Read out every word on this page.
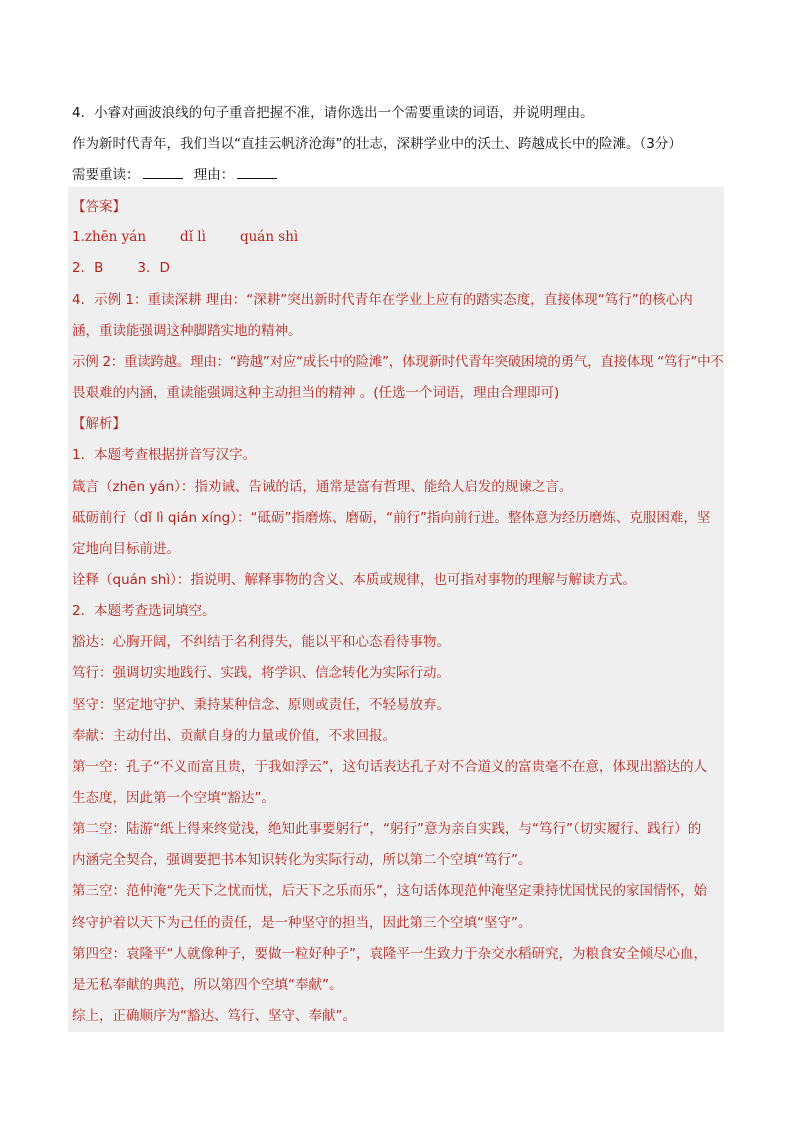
4．小睿对画波浪线的句子重音把握不准，请你选出一个需要重读的词语，并说明理由。
作为新时代青年，我们当以“直挂云帆济沧海”的壮志，深耕学业中的沃土、跨越成长中的险滩。（3分）
需要重读：	理由：
【答案】
1.zhēn yán	dǐ lì	quán shì
2．B	3．D
4．示例 1：重读深耕 理由：“深耕”突出新时代青年在学业上应有的踏实态度，直接体现“笃行”的核心内
涵，重读能强调这种脚踏实地的精神。
示例 2：重读跨越。理由：“跨越”对应“成长中的险滩”，体现新时代青年突破困境的勇气，直接体现 “笃行”中不
畏艰难的内涵，重读能强调这种主动担当的精神 。(任选一个词语，理由合理即可)
【解析】
1．本题考查根据拼音写汉字。
箴言（zhēn yán）：指劝诫、告诫的话，通常是富有哲理、能给人启发的规谏之言。
砥砺前行（dǐ lì qián xíng）：“砥砺”指磨炼、磨砺，“前行”指向前行进。整体意为经历磨炼、克服困难，坚
定地向目标前进。
诠释（quán shì）：指说明、解释事物的含义、本质或规律，也可指对事物的理解与解读方式。
2．本题考查选词填空。
豁达：心胸开阔，不纠结于名利得失，能以平和心态看待事物。
笃行：强调切实地践行、实践，将学识、信念转化为实际行动。
坚守：坚定地守护、秉持某种信念、原则或责任，不轻易放弃。
奉献：主动付出、贡献自身的力量或价值，不求回报。
第一空：孔子“不义而富且贵，于我如浮云”，这句话表达孔子对不合道义的富贵毫不在意，体现出豁达的人
生态度，因此第一个空填“豁达”。
第二空：陆游“纸上得来终觉浅，绝知此事要躬行”，“躬行”意为亲自实践，与“笃行”（切实履行、践行）的
内涵完全契合，强调要把书本知识转化为实际行动，所以第二个空填“笃行”。
第三空：范仲淹“先天下之忧而忧，后天下之乐而乐”，这句话体现范仲淹坚定秉持忧国忧民的家国情怀，始
终守护着以天下为己任的责任，是一种坚守的担当，因此第三个空填“坚守”。
第四空：袁隆平“人就像种子，要做一粒好种子”，袁隆平一生致力于杂交水稻研究，为粮食安全倾尽心血，
是无私奉献的典范，所以第四个空填“奉献”。
综上，正确顺序为“豁达、笃行、坚守、奉献”。
